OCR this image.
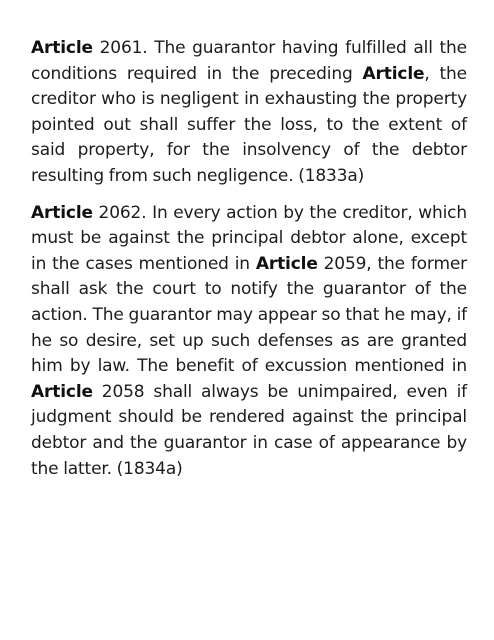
Article 2061. The guarantor having fulfilled all the conditions required in the preceding Article, the creditor who is negligent in exhausting the property pointed out shall suffer the loss, to the extent of said property, for the insolvency of the debtor resulting from such negligence. (1833a)

Article 2062. In every action by the creditor, which must be against the principal debtor alone, except in the cases mentioned in Article 2059, the former shall ask the court to notify the guarantor of the action. The guarantor may appear so that he may, if he so desire, set up such defenses as are granted him by law. The benefit of excussion mentioned in Article 2058 shall always be unimpaired, even if judgment should be rendered against the principal debtor and the guarantor in case of appearance by the latter. (1834a)
